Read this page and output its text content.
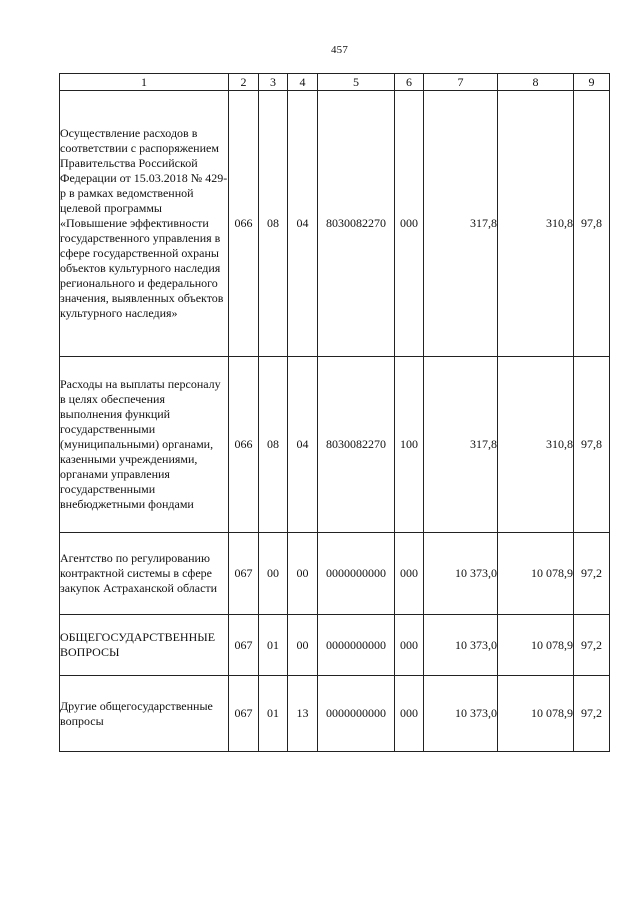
457
1	2	3	4	5	6	7	8	9
Осуществление расходов в соответствии с распоряжением Правительства Российской Федерации от 15.03.2018 № 429-р в рамках ведомственной целевой программы «Повышение эффективности государственного управления в сфере государственной охраны объектов культурного наследия регионального и федерального значения, выявленных объектов культурного наследия»	066	08	04	8030082270	000	317,8	310,8	97,8
Расходы на выплаты персоналу в целях обеспечения выполнения функций государственными (муниципальными) органами, казенными учреждениями, органами управления государственными внебюджетными фондами	066	08	04	8030082270	100	317,8	310,8	97,8
Агентство по регулированию контрактной системы в сфере закупок Астраханской области	067	00	00	0000000000	000	10 373,0	10 078,9	97,2
ОБЩЕГОСУДАРСТВЕННЫЕ ВОПРОСЫ	067	01	00	0000000000	000	10 373,0	10 078,9	97,2
Другие общегосударственные вопросы	067	01	13	0000000000	000	10 373,0	10 078,9	97,2
